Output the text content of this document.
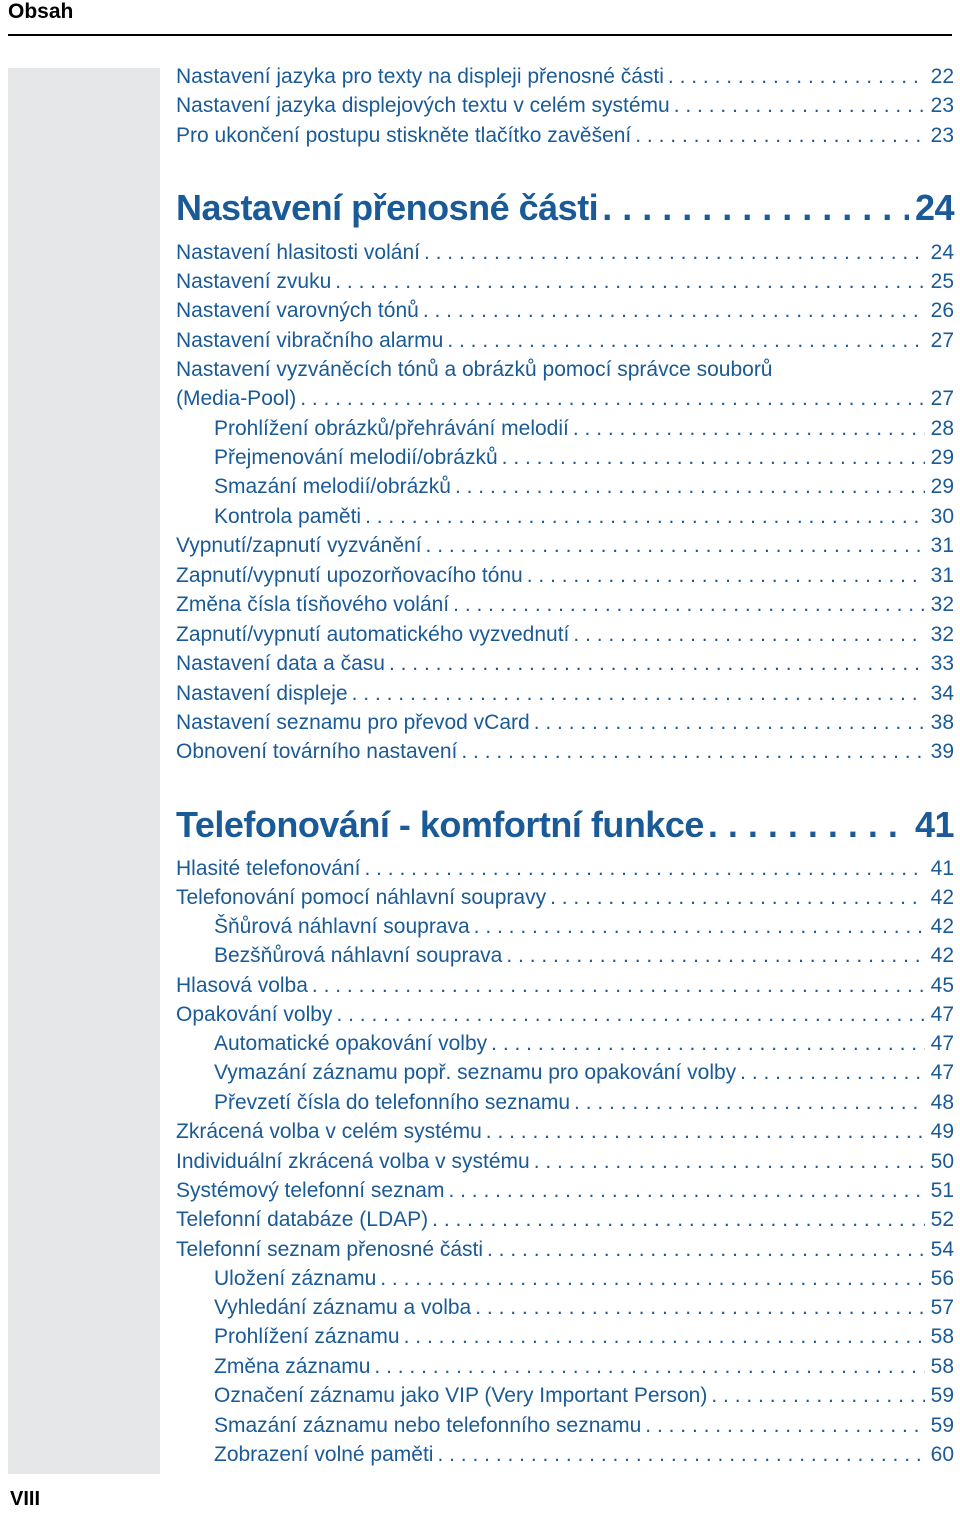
Obsah
VIII
Nastavení jazyka pro texty na displeji přenosné části . . .	22
Nastavení jazyka displejových textu v celém systému . . .	23
Pro ukončení postupu stiskněte tlačítko zavěšení . . .	23
Nastavení přenosné části . . .	24
Nastavení hlasitosti volání . . .	24
Nastavení zvuku . . .	25
Nastavení varovných tónů . . .	26
Nastavení vibračního alarmu . . .	27
Nastavení vyzváněcích tónů a obrázků pomocí správce souborů
(Media-Pool) . . .	27
Prohlížení obrázků/přehrávání melodií . . .	28
Přejmenování melodií/obrázků . . .	29
Smazání melodií/obrázků . . .	29
Kontrola paměti . . .	30
Vypnutí/zapnutí vyzvánění . . .	31
Zapnutí/vypnutí upozorňovacího tónu . . .	31
Změna čísla tísňového volání . . .	32
Zapnutí/vypnutí automatického vyzvednutí . . .	32
Nastavení data a času . . .	33
Nastavení displeje . . .	34
Nastavení seznamu pro převod vCard . . .	38
Obnovení továrního nastavení . . .	39
Telefonování - komfortní funkce . . .	41
Hlasité telefonování . . .	41
Telefonování pomocí náhlavní soupravy . . .	42
Šňůrová náhlavní souprava . . .	42
Bezšňůrová náhlavní souprava . . .	42
Hlasová volba . . .	45
Opakování volby . . .	47
Automatické opakování volby . . .	47
Vymazání záznamu popř. seznamu pro opakování volby . . .	47
Převzetí čísla do telefonního seznamu . . .	48
Zkrácená volba v celém systému . . .	49
Individuální zkrácená volba v systému . . .	50
Systémový telefonní seznam . . .	51
Telefonní databáze (LDAP) . . .	52
Telefonní seznam přenosné části . . .	54
Uložení záznamu . . .	56
Vyhledání záznamu a volba . . .	57
Prohlížení záznamu . . .	58
Změna záznamu . . .	58
Označení záznamu jako VIP (Very Important Person) . . .	59
Smazání záznamu nebo telefonního seznamu . . .	59
Zobrazení volné paměti . . .	60
